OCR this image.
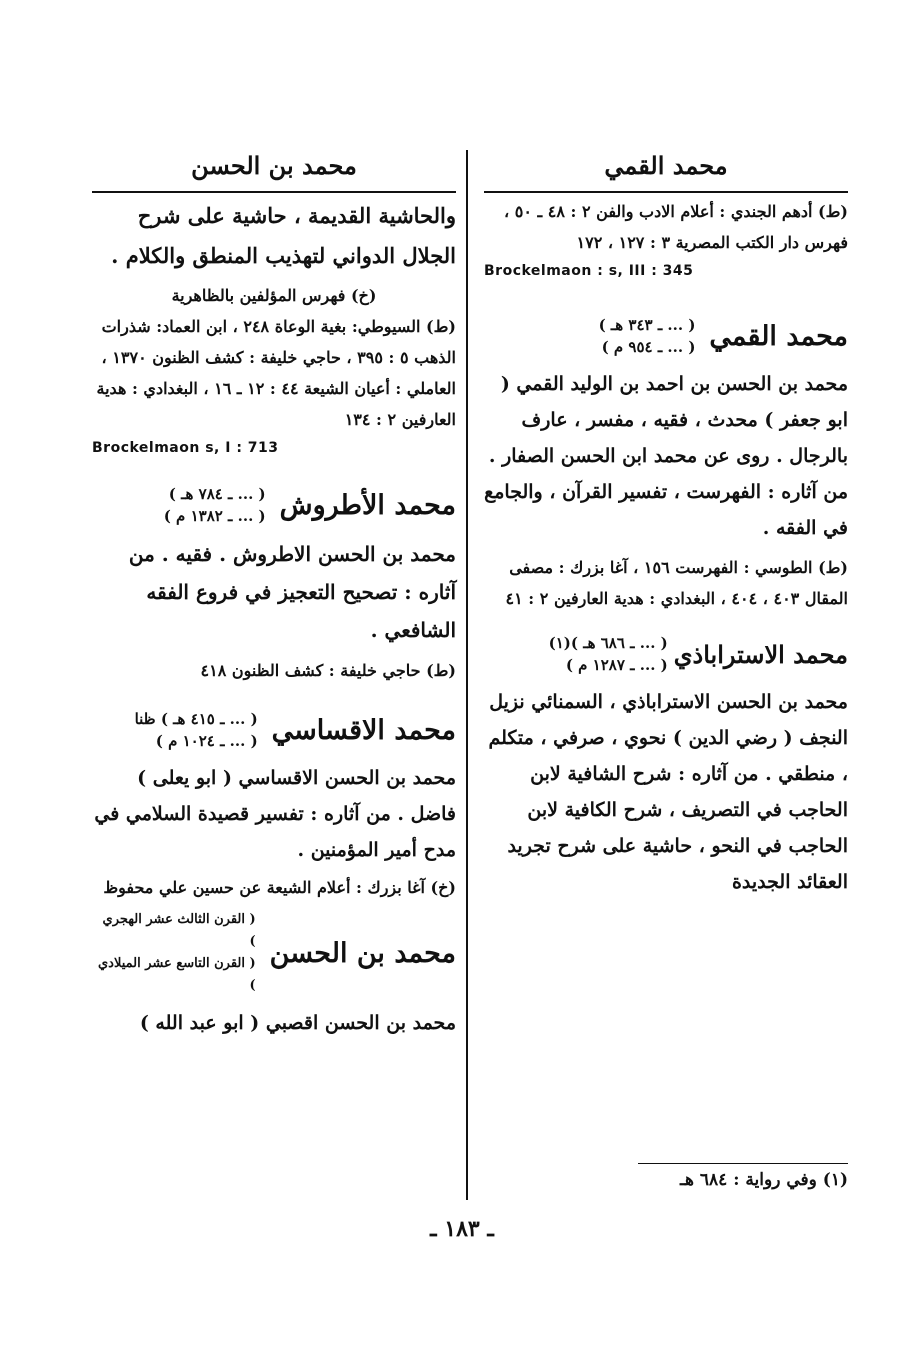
محمد القمي

(ط) أدهم الجندي : أعلام الادب والفن ٢ : ٤٨ ـ ٥٠ ، فهرس دار الكتب المصرية ٣ : ١٢٧ ، ١٧٢

Brockelmaon : s, III : 345

محمد القمي
( ... ـ ٣٤٣ هـ )
( ... ـ ٩٥٤ م )

محمد بن الحسن بن احمد بن الوليد القمي ( ابو جعفر ) محدث ، فقيه ، مفسر ، عارف بالرجال . روى عن محمد ابن الحسن الصفار . من آثاره : الفهرست ، تفسير القرآن ، والجامع في الفقه .

(ط) الطوسي : الفهرست ١٥٦ ، آغا بزرك : مصفى المقال ٤٠٣ ، ٤٠٤ ، البغدادي : هدية العارفين ٢ : ٤١

محمد الاستراباذي
( ... ـ ٦٨٦ هـ )(١)
( ... ـ ١٢٨٧ م )

محمد بن الحسن الاستراباذي ، السمنائي نزيل النجف ( رضي الدين ) نحوي ، صرفي ، متكلم ، منطقي . من آثاره : شرح الشافية لابن الحاجب في التصريف ، شرح الكافية لابن الحاجب في النحو ، حاشية على شرح تجريد العقائد الجديدة

محمد بن الحسن

والحاشية القديمة ، حاشية على شرح الجلال الدواني لتهذيب المنطق والكلام .

(خ) فهرس المؤلفين بالظاهرية

(ط) السيوطي: بغية الوعاة ٢٤٨ ، ابن العماد: شذرات الذهب ٥ : ٣٩٥ ، حاجي خليفة : كشف الظنون ١٣٧٠ ، العاملي : أعيان الشيعة ٤٤ : ١٢ ـ ١٦ ، البغدادي : هدية العارفين ٢ : ١٣٤

Brockelmaon s, I : 713

محمد الأطروش
( ... ـ ٧٨٤ هـ )
( ... ـ ١٣٨٢ م )

محمد بن الحسن الاطروش . فقيه . من آثاره : تصحيح التعجيز في فروع الفقه الشافعي .

(ط) حاجي خليفة : كشف الظنون ٤١٨

محمد الاقساسي
( ... ـ ٤١٥ هـ ) ظنا
( ... ـ ١٠٢٤ م )

محمد بن الحسن الاقساسي ( ابو يعلى ) فاضل . من آثاره : تفسير قصيدة السلامي في مدح أمير المؤمنين .

(خ) آغا بزرك : أعلام الشيعة عن حسين علي محفوظ

محمد بن الحسن
( القرن الثالث عشر الهجري )
( القرن التاسع عشر الميلادي )

محمد بن الحسن اقصبي ( ابو عبد الله )

(١) وفي رواية : ٦٨٤ هـ
ـ ١٨٣ ـ
